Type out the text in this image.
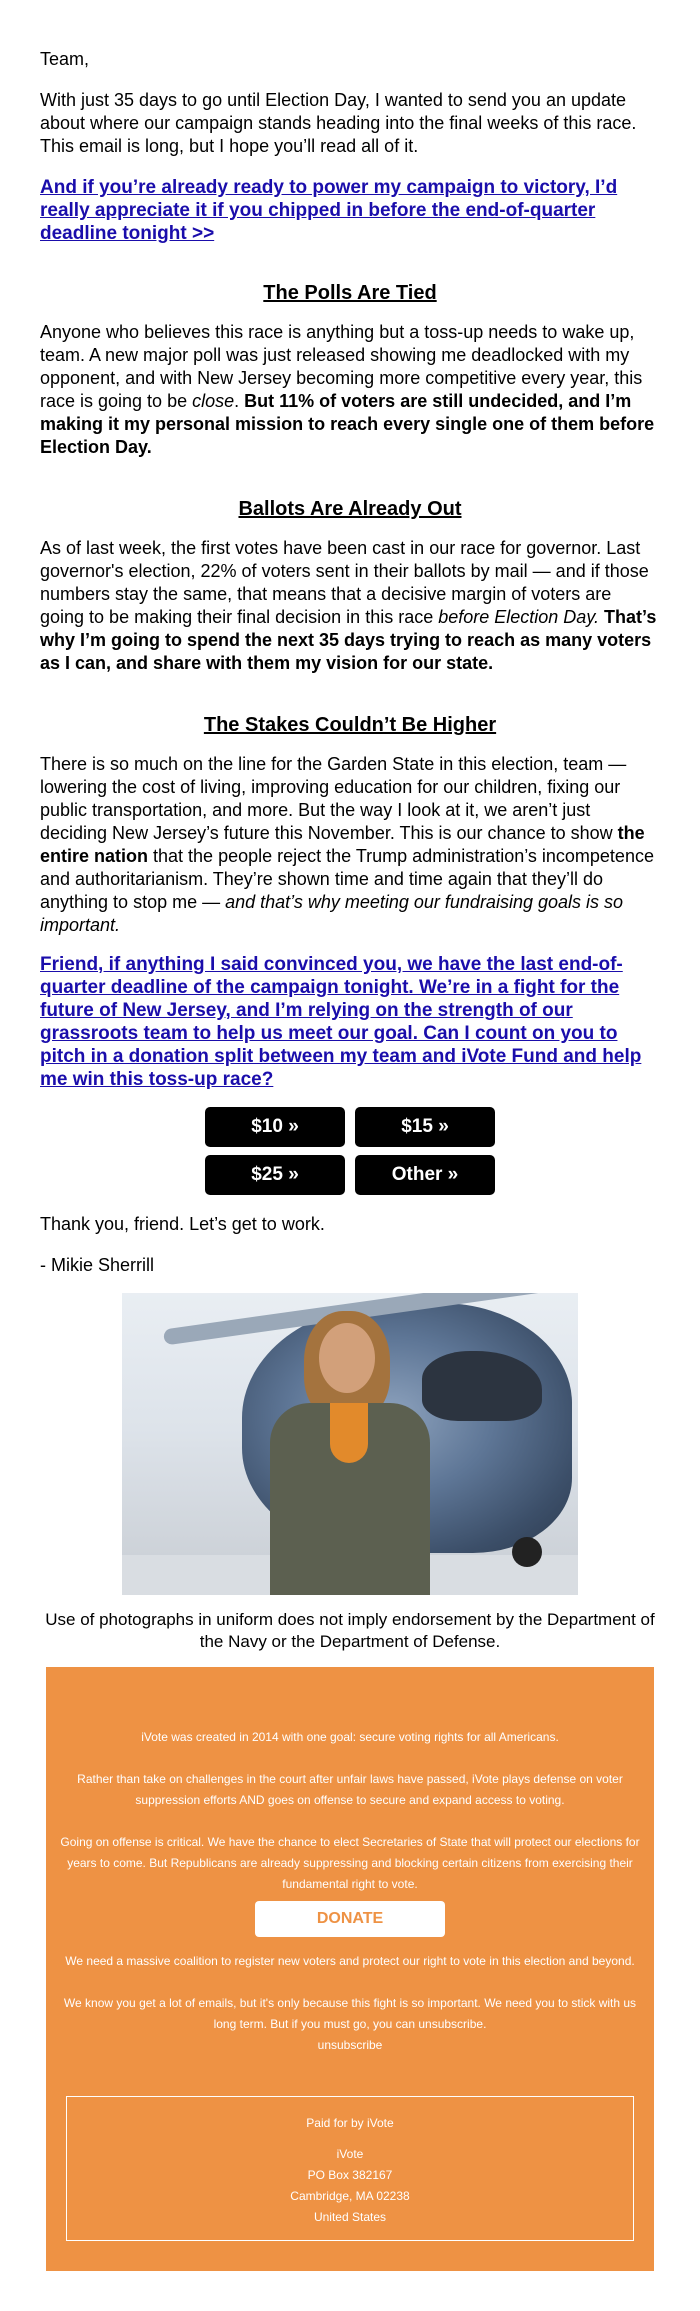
Team,

With just 35 days to go until Election Day, I wanted to send you an update about where our campaign stands heading into the final weeks of this race. This email is long, but I hope you’ll read all of it.

And if you’re already ready to power my campaign to victory, I’d really appreciate it if you chipped in before the end-of-quarter deadline tonight >>
The Polls Are Tied

Anyone who believes this race is anything but a toss-up needs to wake up, team. A new major poll was just released showing me deadlocked with my opponent, and with New Jersey becoming more competitive every year, this race is going to be close. But 11% of voters are still undecided, and I’m making it my personal mission to reach every single one of them before Election Day.

Ballots Are Already Out

As of last week, the first votes have been cast in our race for governor. Last governor's election, 22% of voters sent in their ballots by mail — and if those numbers stay the same, that means that a decisive margin of voters are going to be making their final decision in this race before Election Day. That’s why I’m going to spend the next 35 days trying to reach as many voters as I can, and share with them my vision for our state.

The Stakes Couldn’t Be Higher

There is so much on the line for the Garden State in this election, team — lowering the cost of living, improving education for our children, fixing our public transportation, and more. But the way I look at it, we aren’t just deciding New Jersey’s future this November. This is our chance to show the entire nation that the people reject the Trump administration’s incompetence and authoritarianism. They’re shown time and time again that they’ll do anything to stop me — and that’s why meeting our fundraising goals is so important.

Friend, if anything I said convinced you, we have the last end-of-quarter deadline of the campaign tonight. We’re in a fight for the future of New Jersey, and I’m relying on the strength of our grassroots team to help us meet our goal. Can I count on you to pitch in a donation split between my team and iVote Fund and help me win this toss-up race?
$10 »	$15 »
$25 »	Other »

Thank you, friend. Let’s get to work.

- Mikie Sherrill

Use of photographs in uniform does not imply endorsement by the Department of the Navy or the Department of Defense.

iVote was created in 2014 with one goal: secure voting rights for all Americans.

Rather than take on challenges in the court after unfair laws have passed, iVote plays defense on voter suppression efforts AND goes on offense to secure and expand access to voting.

Going on offense is critical. We have the chance to elect Secretaries of State that will protect our elections for years to come. But Republicans are already suppressing and blocking certain citizens from exercising their fundamental right to vote.

DONATE

We need a massive coalition to register new voters and protect our right to vote in this election and beyond.

We know you get a lot of emails, but it's only because this fight is so important. We need you to stick with us long term. But if you must go, you can unsubscribe.

unsubscribe
Paid for by iVote
iVote
PO Box 382167
Cambridge, MA 02238
United States
